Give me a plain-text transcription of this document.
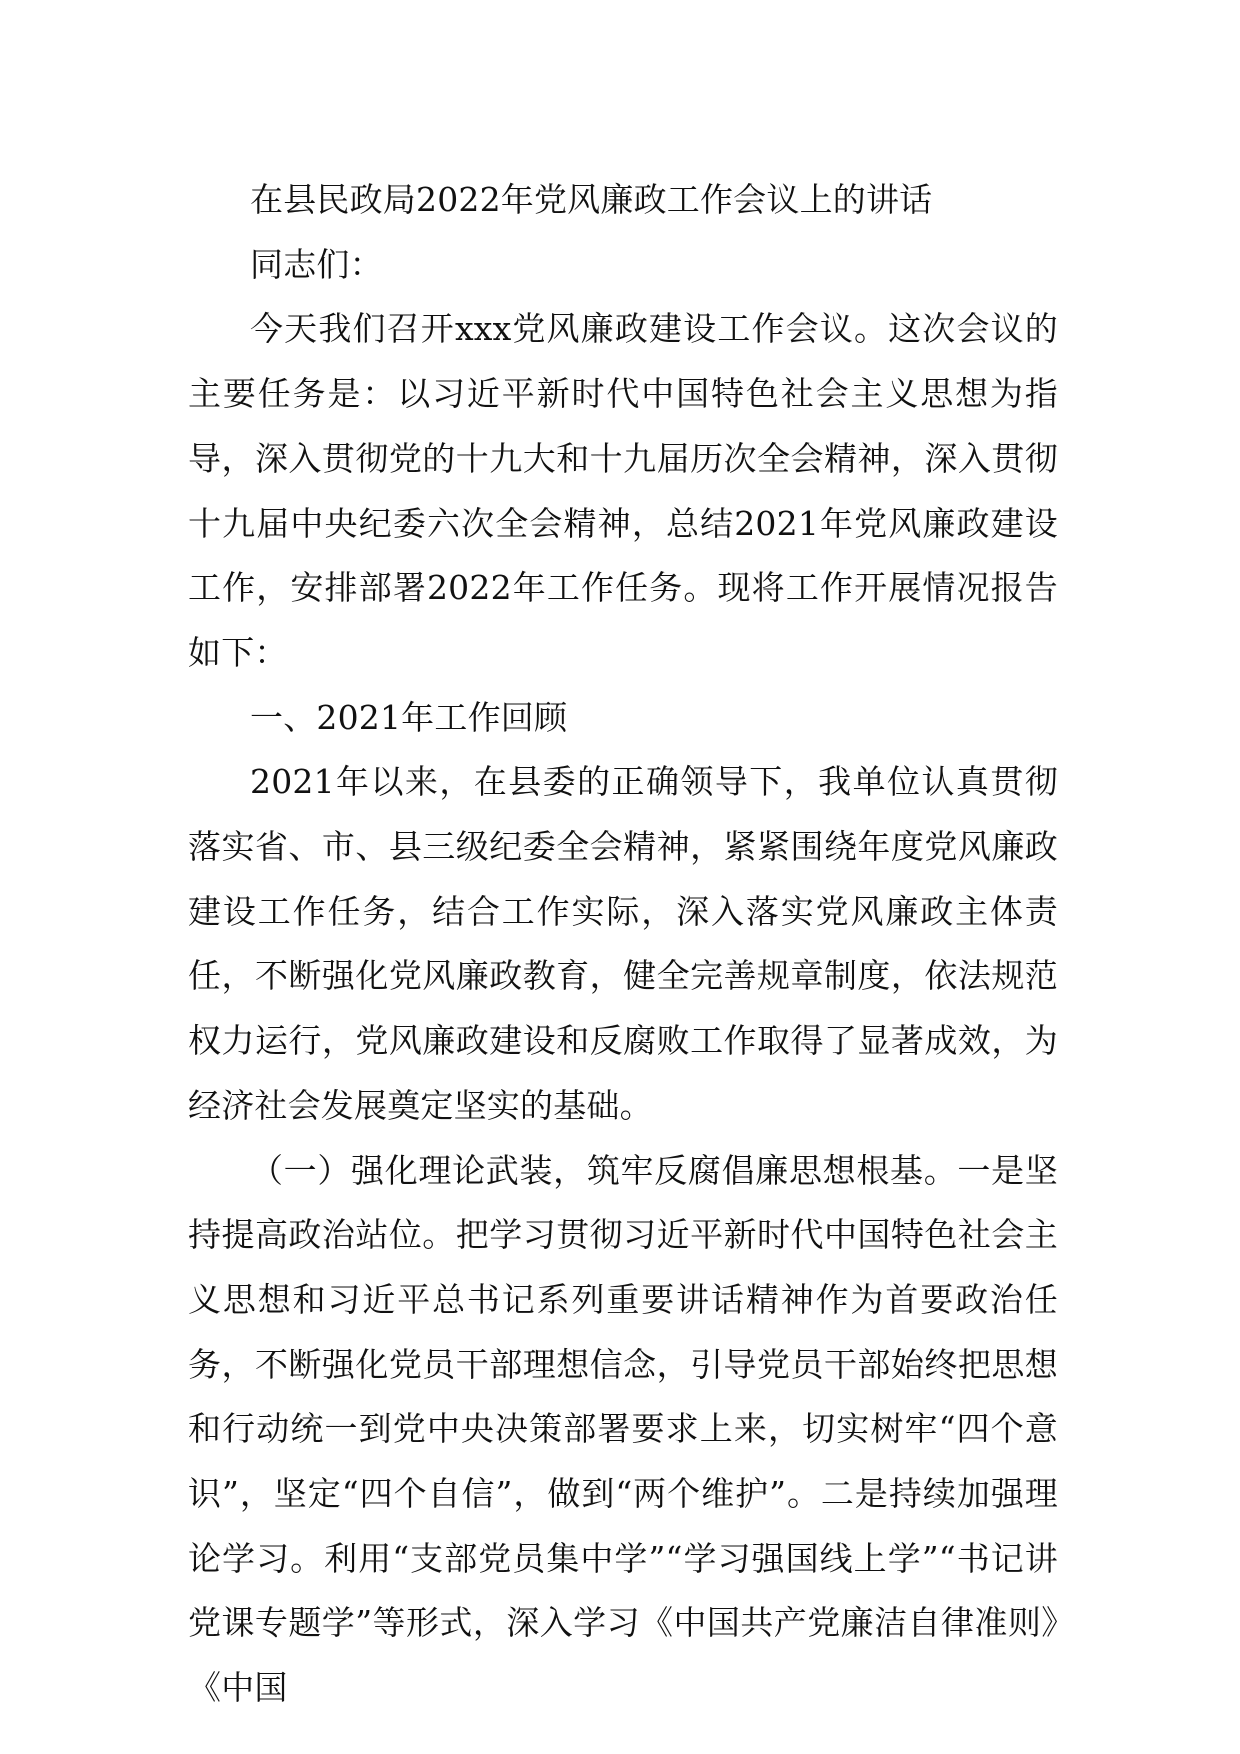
在县民政局2022年党风廉政工作会议上的讲话

同志们：

今天我们召开xxx党风廉政建设工作会议。这次会议的主要任务是：以习近平新时代中国特色社会主义思想为指导，深入贯彻党的十九大和十九届历次全会精神，深入贯彻十九届中央纪委六次全会精神，总结2021年党风廉政建设工作，安排部署2022年工作任务。现将工作开展情况报告如下：

一、2021年工作回顾

2021年以来，在县委的正确领导下，我单位认真贯彻落实省、市、县三级纪委全会精神，紧紧围绕年度党风廉政建设工作任务，结合工作实际，深入落实党风廉政主体责任，不断强化党风廉政教育，健全完善规章制度，依法规范权力运行，党风廉政建设和反腐败工作取得了显著成效，为经济社会发展奠定坚实的基础。

（一）强化理论武装，筑牢反腐倡廉思想根基。一是坚持提高政治站位。把学习贯彻习近平新时代中国特色社会主义思想和习近平总书记系列重要讲话精神作为首要政治任务，不断强化党员干部理想信念，引导党员干部始终把思想和行动统一到党中央决策部署要求上来，切实树牢“四个意识”，坚定“四个自信”，做到“两个维护”。二是持续加强理论学习。利用“支部党员集中学”“学习强国线上学”“书记讲党课专题学”等形式，深入学习《中国共产党廉洁自律准则》《中国
